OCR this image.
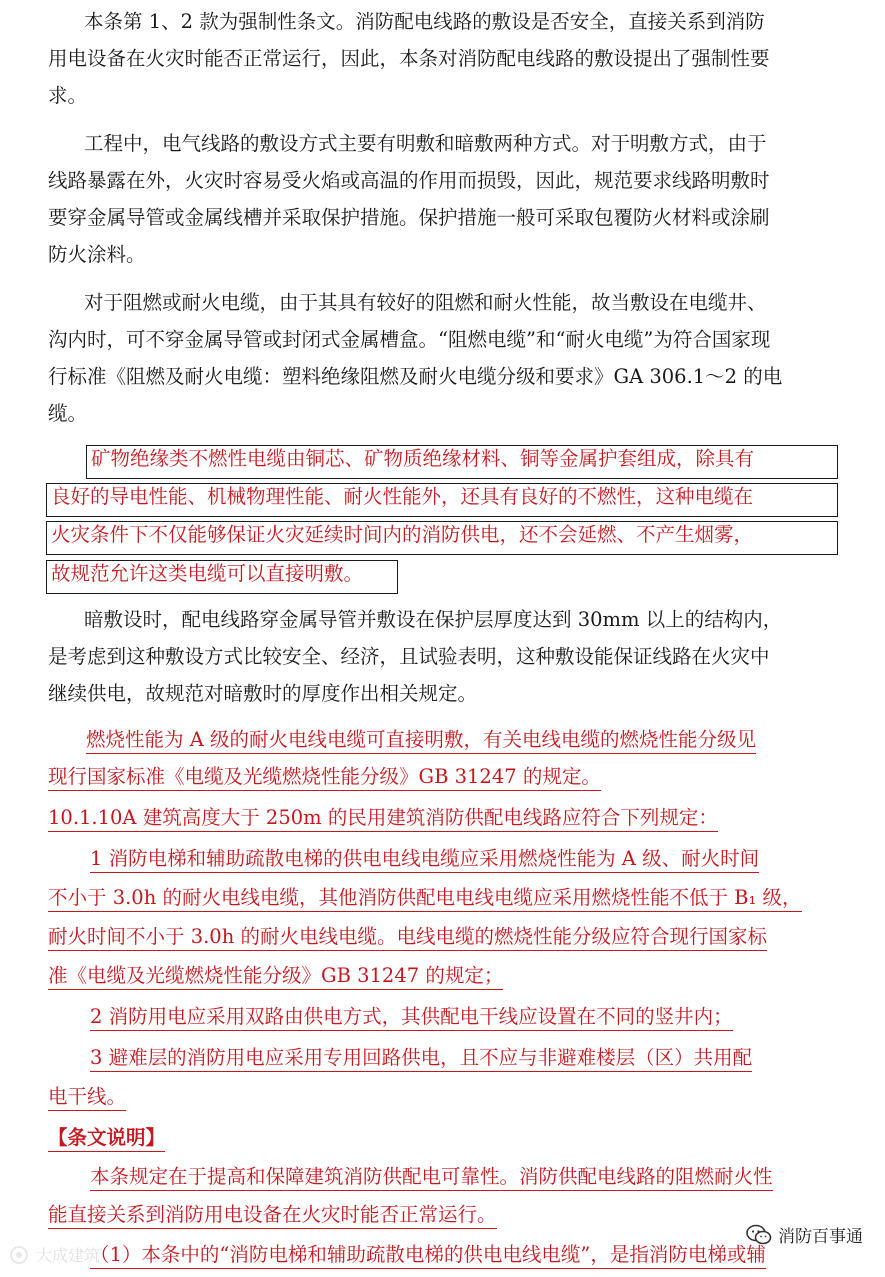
本条第 1、2 款为强制性条文。消防配电线路的敷设是否安全，直接关系到消防
用电设备在火灾时能否正常运行，因此，本条对消防配电线路的敷设提出了强制性要
求。
工程中，电气线路的敷设方式主要有明敷和暗敷两种方式。对于明敷方式，由于
线路暴露在外，火灾时容易受火焰或高温的作用而损毁，因此，规范要求线路明敷时
要穿金属导管或金属线槽并采取保护措施。保护措施一般可采取包覆防火材料或涂刷
防火涂料。
对于阻燃或耐火电缆，由于其具有较好的阻燃和耐火性能，故当敷设在电缆井、
沟内时，可不穿金属导管或封闭式金属槽盒。“阻燃电缆”和“耐火电缆”为符合国家现
行标准《阻燃及耐火电缆：塑料绝缘阻燃及耐火电缆分级和要求》GA 306.1～2 的电
缆。
矿物绝缘类不燃性电缆由铜芯、矿物质绝缘材料、铜等金属护套组成，除具有
良好的导电性能、机械物理性能、耐火性能外，还具有良好的不燃性，这种电缆在
火灾条件下不仅能够保证火灾延续时间内的消防供电，还不会延燃、不产生烟雾，
故规范允许这类电缆可以直接明敷。
暗敷设时，配电线路穿金属导管并敷设在保护层厚度达到 30mm 以上的结构内，
是考虑到这种敷设方式比较安全、经济，且试验表明，这种敷设能保证线路在火灾中
继续供电，故规范对暗敷时的厚度作出相关规定。
燃烧性能为 A 级的耐火电线电缆可直接明敷，有关电线电缆的燃烧性能分级见
现行国家标准《电缆及光缆燃烧性能分级》GB 31247 的规定。
10.1.10A 建筑高度大于 250m 的民用建筑消防供配电线路应符合下列规定：
1 消防电梯和辅助疏散电梯的供电电线电缆应采用燃烧性能为 A 级、耐火时间
不小于 3.0h 的耐火电线电缆，其他消防供配电电线电缆应采用燃烧性能不低于 B₁ 级，
耐火时间不小于 3.0h 的耐火电线电缆。电线电缆的燃烧性能分级应符合现行国家标
准《电缆及光缆燃烧性能分级》GB 31247 的规定；
2 消防用电应采用双路由供电方式，其供配电干线应设置在不同的竖井内；
3 避难层的消防用电应采用专用回路供电，且不应与非避难楼层（区）共用配
电干线。
【条文说明】
本条规定在于提高和保障建筑消防供配电可靠性。消防供配电线路的阻燃耐火性
能直接关系到消防用电设备在火灾时能否正常运行。
（1）本条中的“消防电梯和辅助疏散电梯的供电电线电缆”，是指消防电梯或辅
消防百事通
大成建筑
